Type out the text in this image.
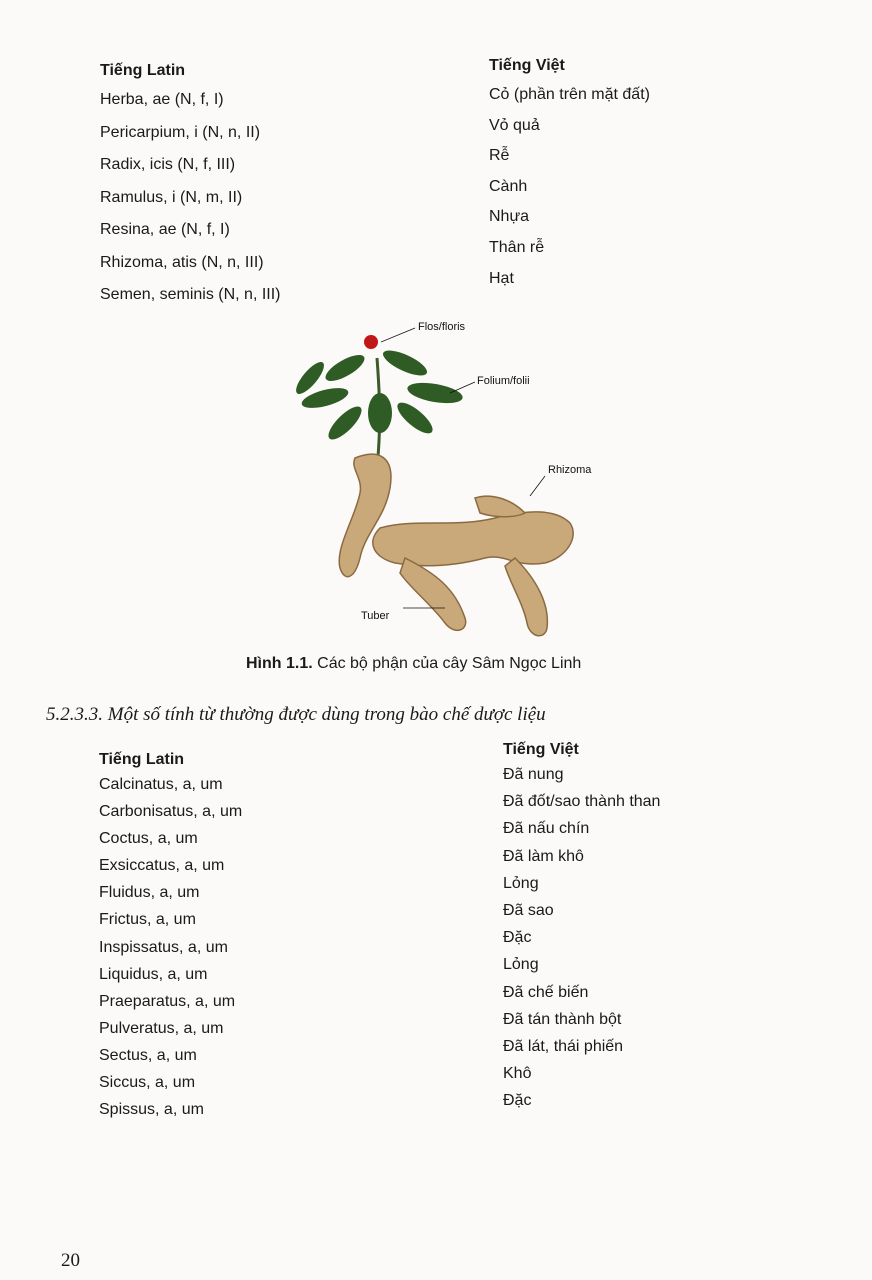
Tiếng Latin
Herba, ae (N, f, I)
Pericarpium, i (N, n, II)
Radix, icis (N, f, III)
Ramulus, i (N, m, II)
Resina, ae (N, f, I)
Rhizoma, atis (N, n, III)
Semen, seminis (N, n, III)
Tiếng Việt
Cỏ (phần trên mặt đất)
Vỏ quả
Rễ
Cành
Nhựa
Thân rễ
Hạt
Flos/floris
Folium/folii
Rhizoma
Tuber
Hình 1.1. Các bộ phận của cây Sâm Ngọc Linh
5.2.3.3. Một số tính từ thường được dùng trong bào chế dược liệu
Tiếng Latin
Calcinatus, a, um
Carbonisatus, a, um
Coctus, a, um
Exsiccatus, a, um
Fluidus, a, um
Frictus, a, um
Inspissatus, a, um
Liquidus, a, um
Praeparatus, a, um
Pulveratus, a, um
Sectus, a, um
Siccus, a, um
Spissus, a, um
Tiếng Việt
Đã nung
Đã đốt/sao thành than
Đã nấu chín
Đã làm khô
Lỏng
Đã sao
Đặc
Lỏng
Đã chế biến
Đã tán thành bột
Đã lát, thái phiến
Khô
Đặc
20
